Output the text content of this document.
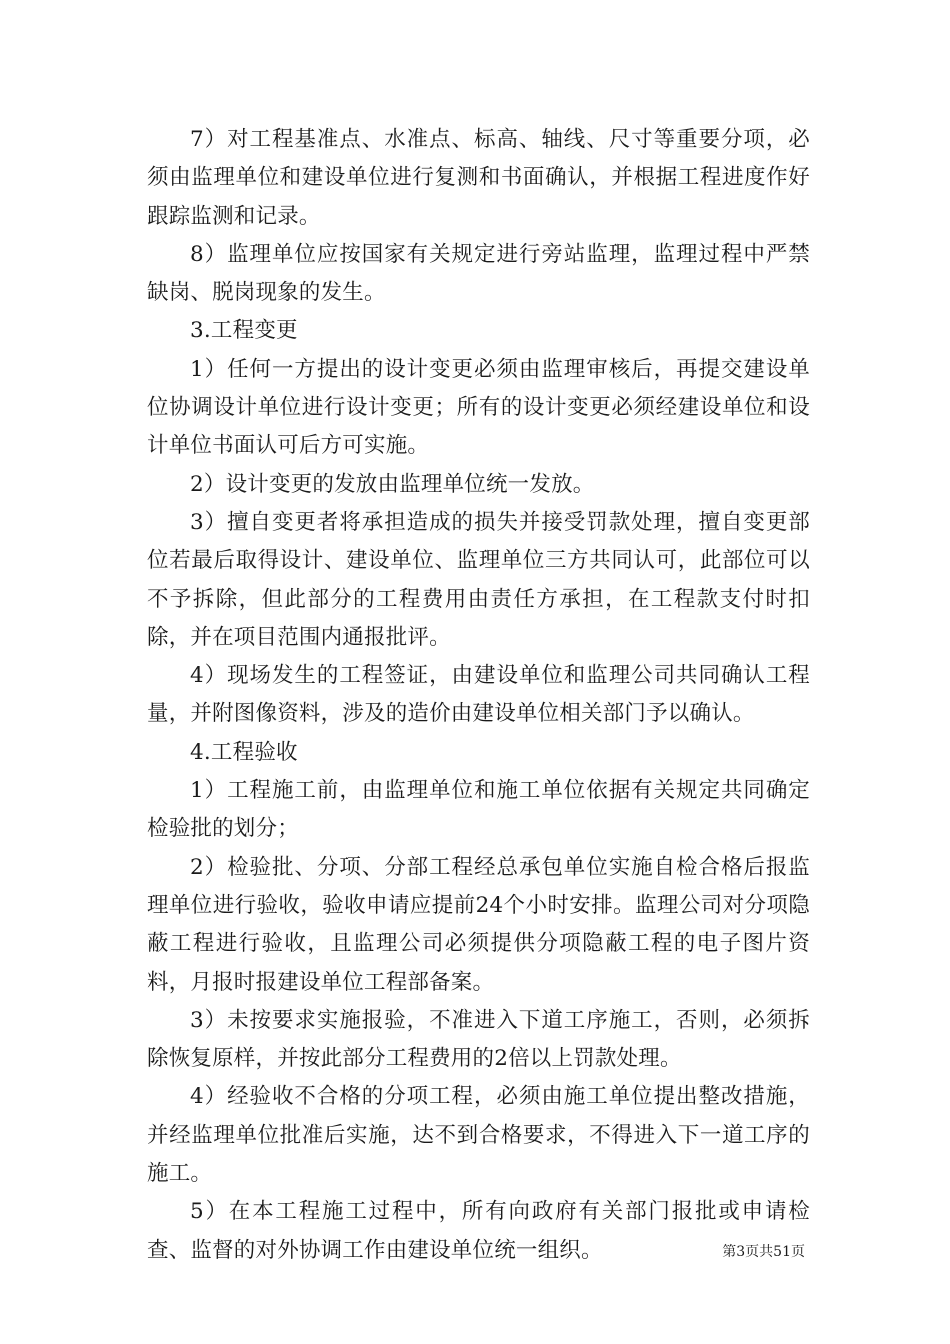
7）对工程基准点、水准点、标高、轴线、尺寸等重要分项，必须由监理单位和建设单位进行复测和书面确认，并根据工程进度作好跟踪监测和记录。

8）监理单位应按国家有关规定进行旁站监理，监理过程中严禁缺岗、脱岗现象的发生。

3.工程变更

1）任何一方提出的设计变更必须由监理审核后，再提交建设单位协调设计单位进行设计变更；所有的设计变更必须经建设单位和设计单位书面认可后方可实施。

2）设计变更的发放由监理单位统一发放。

3）擅自变更者将承担造成的损失并接受罚款处理，擅自变更部位若最后取得设计、建设单位、监理单位三方共同认可，此部位可以不予拆除，但此部分的工程费用由责任方承担，在工程款支付时扣除，并在项目范围内通报批评。

4）现场发生的工程签证，由建设单位和监理公司共同确认工程量，并附图像资料，涉及的造价由建设单位相关部门予以确认。

4.工程验收

1）工程施工前，由监理单位和施工单位依据有关规定共同确定检验批的划分；

2）检验批、分项、分部工程经总承包单位实施自检合格后报监理单位进行验收，验收申请应提前24个小时安排。监理公司对分项隐蔽工程进行验收，且监理公司必须提供分项隐蔽工程的电子图片资料，月报时报建设单位工程部备案。

3）未按要求实施报验，不准进入下道工序施工，否则，必须拆除恢复原样，并按此部分工程费用的2倍以上罚款处理。

4）经验收不合格的分项工程，必须由施工单位提出整改措施，并经监理单位批准后实施，达不到合格要求，不得进入下一道工序的施工。

5）在本工程施工过程中，所有向政府有关部门报批或申请检查、监督的对外协调工作由建设单位统一组织。	第3页共51页
